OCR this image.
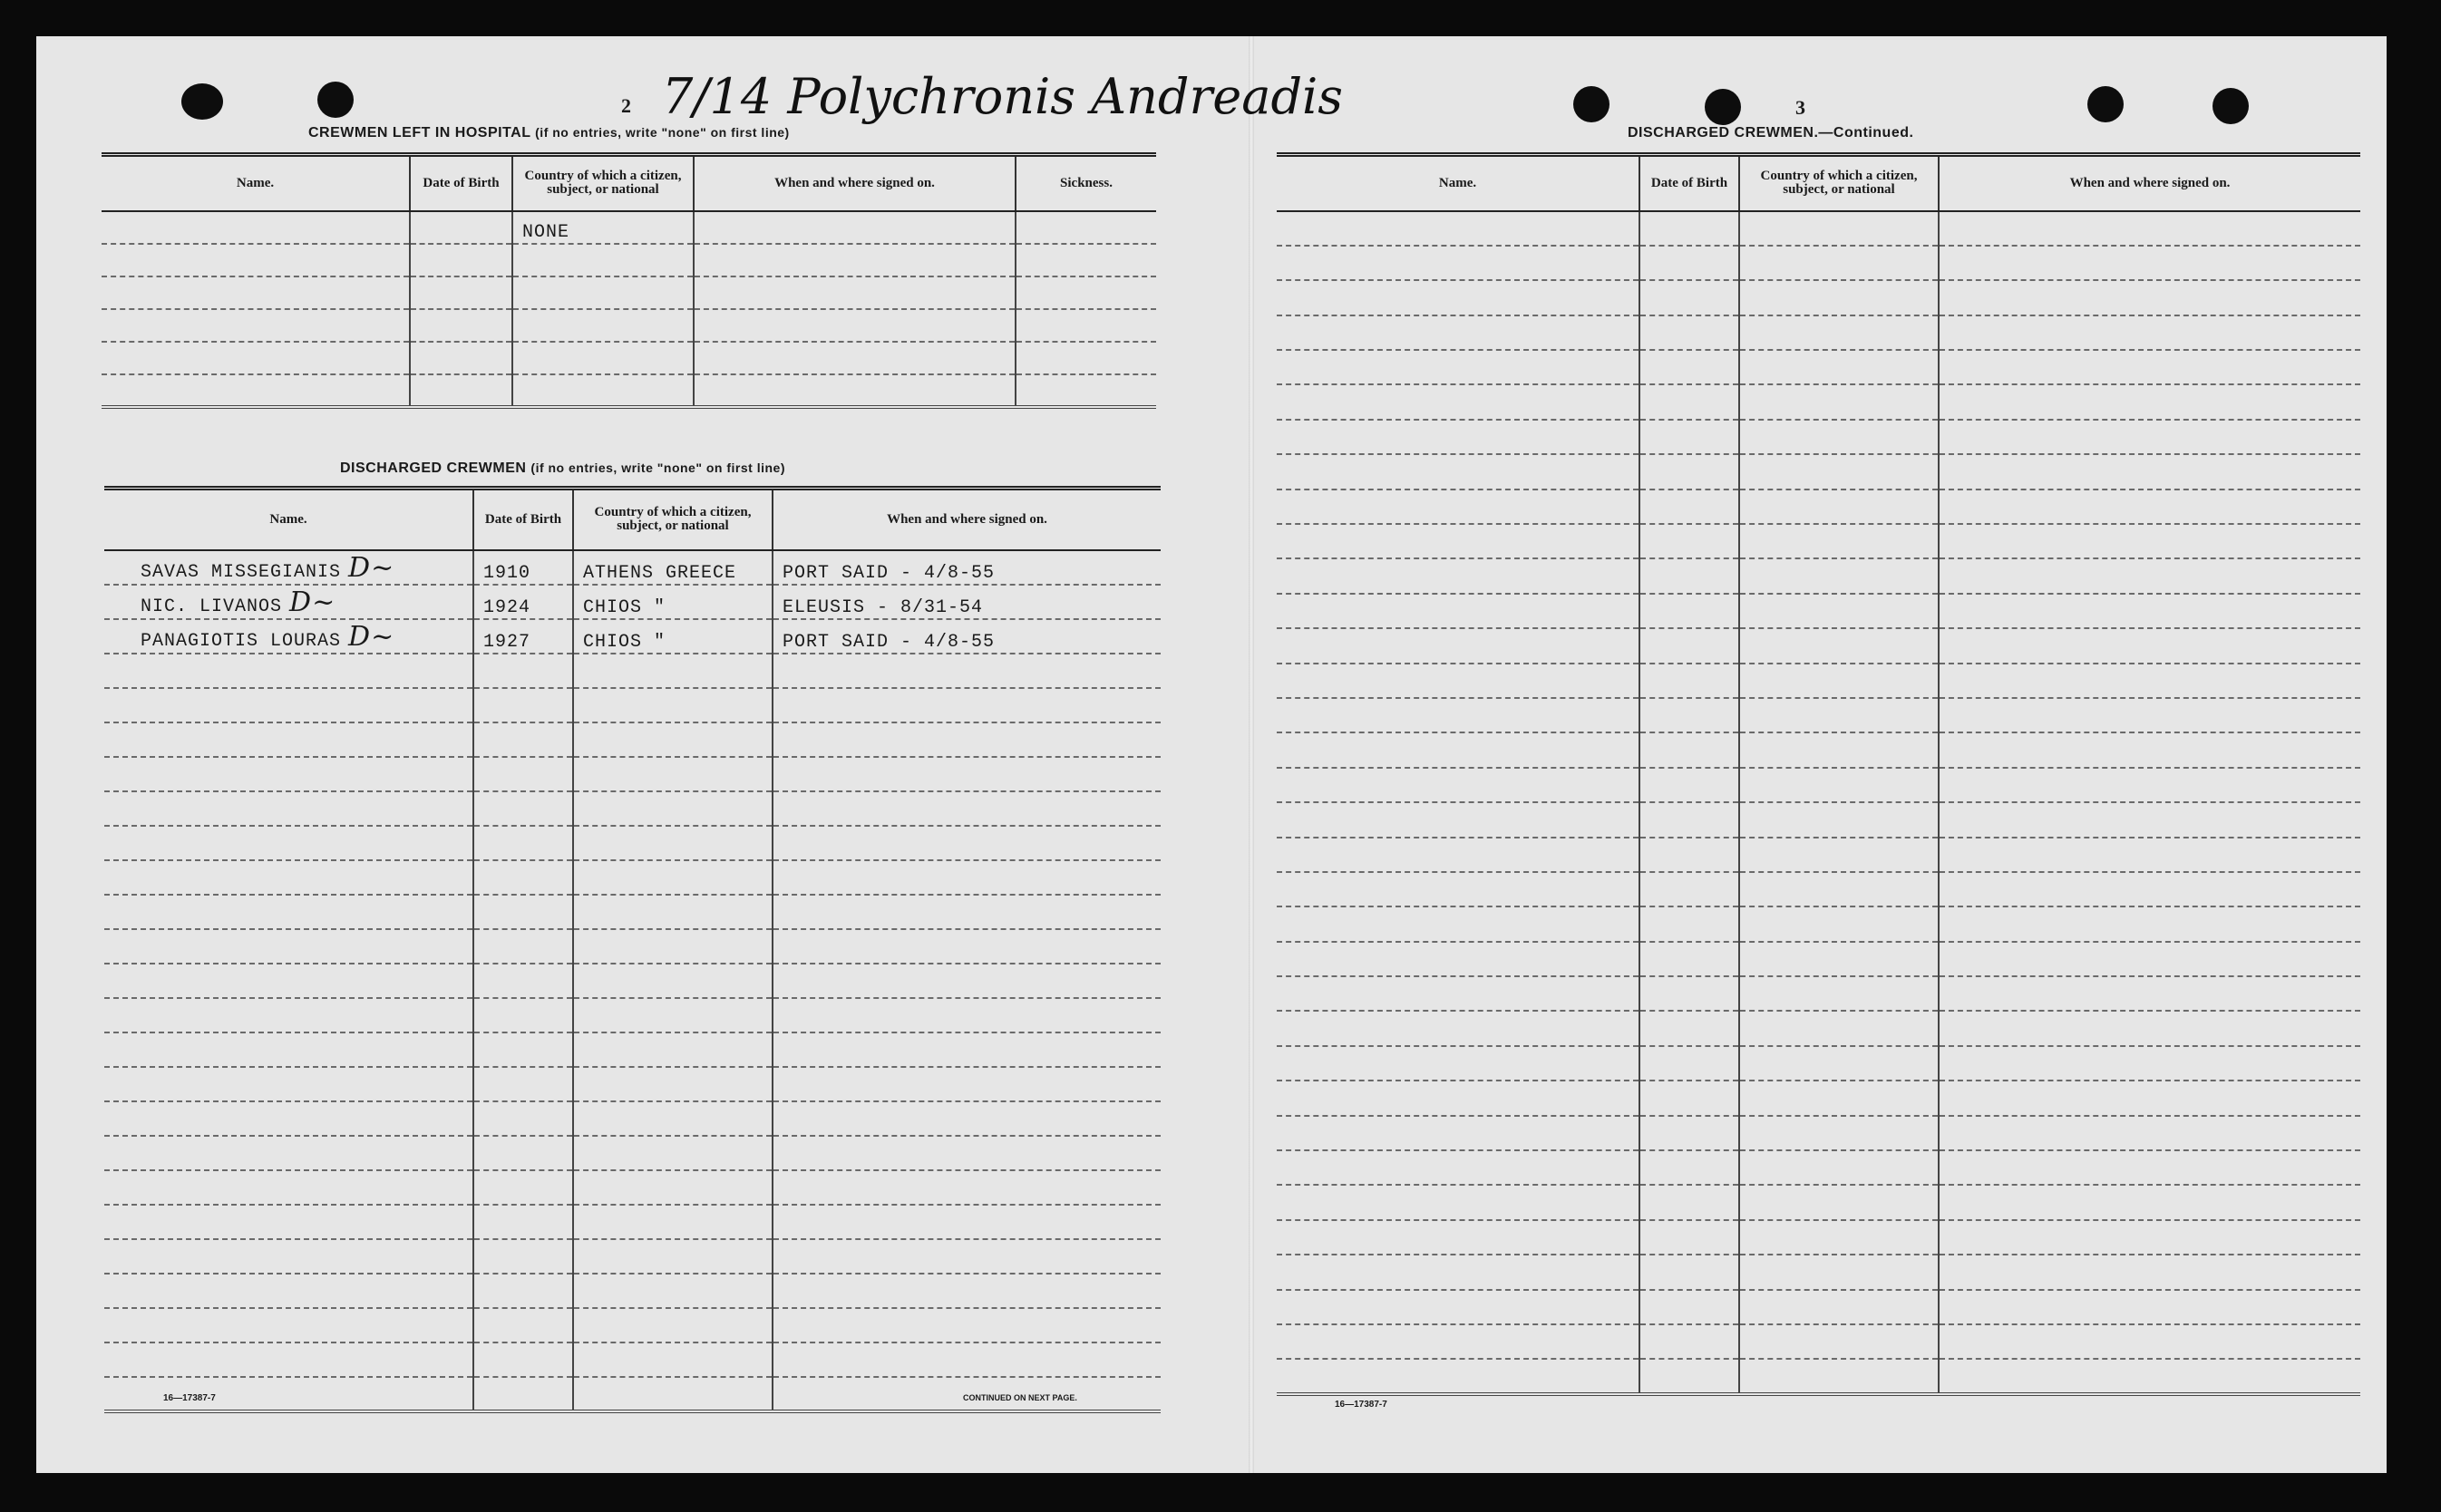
2 7/14 Polychronis Andreadis
CREWMEN LEFT IN HOSPITAL (if no entries, write "none" on first line)
Name.	Date of Birth	Country of which a citizen, subject, or national	When and where signed on.	Sickness.
		NONE		

DISCHARGED CREWMEN (if no entries, write "none" on first line)
Name.	Date of Birth	Country of which a citizen, subject, or national	When and where signed on.
SAVAS MISSEGIANIS D~	1910	ATHENS GREECE	PORT SAID - 4/8-55
NIC. LIVANOS D~	1924	CHIOS "	ELEUSIS - 8/31-54
PANAGIOTIS LOURAS D~	1927	CHIOS "	PORT SAID - 4/8-55

16—17387-7	CONTINUED ON NEXT PAGE.
3
DISCHARGED CREWMEN.—Continued.
Name.	Date of Birth	Country of which a citizen, subject, or national	When and where signed on.

16—17387-7
